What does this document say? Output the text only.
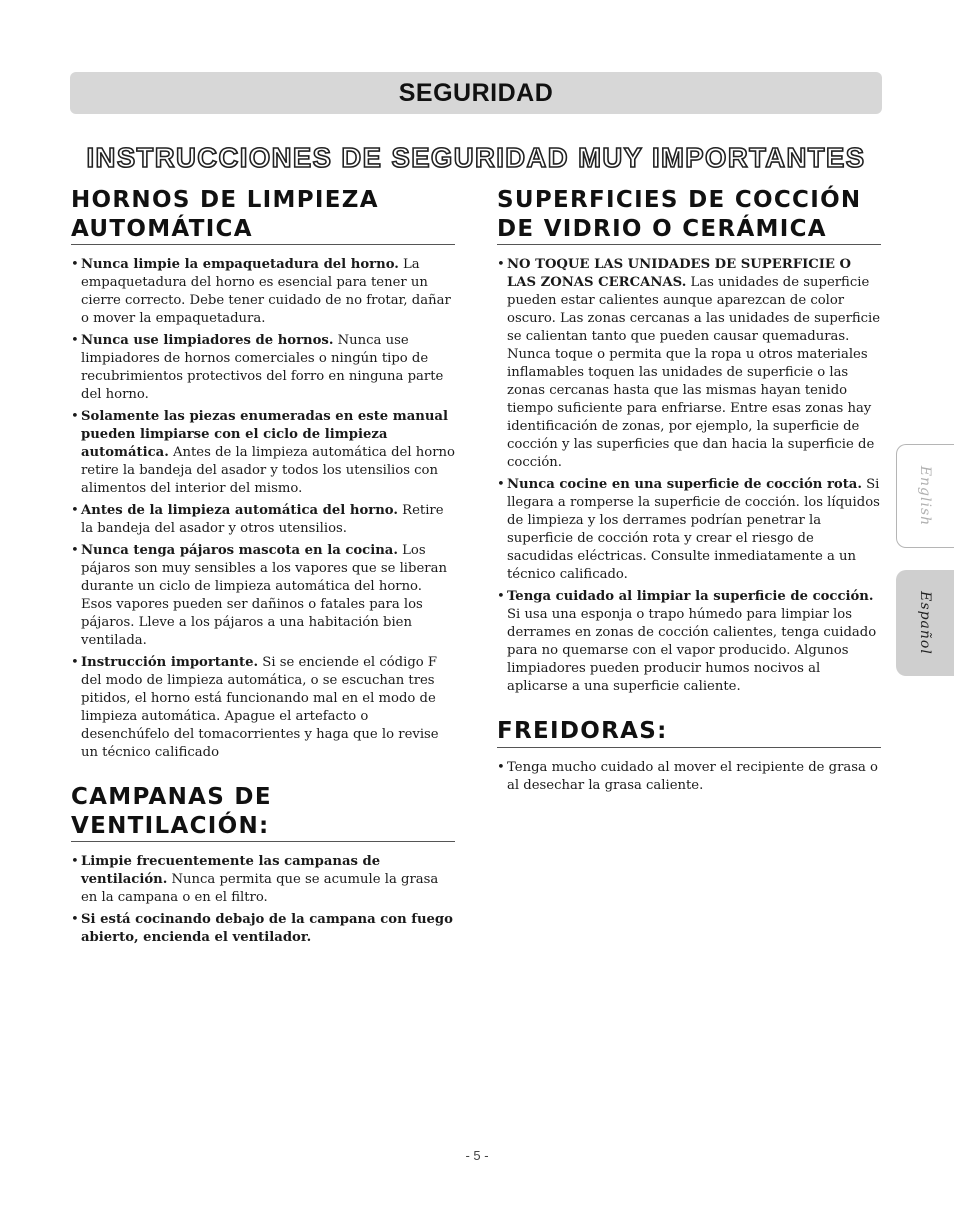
SEGURIDAD
INSTRUCCIONES DE SEGURIDAD MUY IMPORTANTES
HORNOS DE LIMPIEZA AUTOMÁTICA
• Nunca limpie la empaquetadura del horno. La empaquetadura del horno es esencial para tener un cierre correcto. Debe tener cuidado de no frotar, dañar o mover la empaquetadura.
• Nunca use limpiadores de hornos. Nunca use limpiadores de hornos comerciales o ningún tipo de recubrimientos protectivos del forro en ninguna parte del horno.
• Solamente las piezas enumeradas en este manual pueden limpiarse con el ciclo de limpieza automática. Antes de la limpieza automática del horno retire la bandeja del asador y todos los utensilios con alimentos del interior del mismo.
• Antes de la limpieza automática del horno. Retire la bandeja del asador y otros utensilios.
• Nunca tenga pájaros mascota en la cocina. Los pájaros son muy sensibles a los vapores que se liberan durante un ciclo de limpieza automática del horno. Esos vapores pueden ser dañinos o fatales para los pájaros. Lleve a los pájaros a una habitación bien ventilada.
• Instrucción importante. Si se enciende el código F del modo de limpieza automática, o se escuchan tres pitidos, el horno está funcionando mal en el modo de limpieza automática. Apague el artefacto o desenchúfelo del tomacorrientes y haga que lo revise un técnico calificado
CAMPANAS DE VENTILACIÓN:
• Limpie frecuentemente las campanas de ventilación. Nunca permita que se acumule la grasa en la campana o en el filtro.
• Si está cocinando debajo de la campana con fuego abierto, encienda el ventilador.
SUPERFICIES DE COCCIÓN DE VIDRIO O CERÁMICA
• NO TOQUE LAS UNIDADES DE SUPERFICIE O LAS ZONAS CERCANAS. Las unidades de superficie pueden estar calientes aunque aparezcan de color oscuro. Las zonas cercanas a las unidades de superficie se calientan tanto que pueden causar quemaduras. Nunca toque o permita que la ropa u otros materiales inflamables toquen las unidades de superficie o las zonas cercanas hasta que las mismas hayan tenido tiempo suficiente para enfriarse. Entre esas zonas hay identificación de zonas, por ejemplo, la superficie de cocción y las superficies que dan hacia la superficie de cocción.
• Nunca cocine en una superficie de cocción rota. Si llegara a romperse la superficie de cocción. los líquidos de limpieza y los derrames podrían penetrar la superficie de cocción rota y crear el riesgo de sacudidas eléctricas. Consulte inmediatamente a un técnico calificado.
• Tenga cuidado al limpiar la superficie de cocción. Si usa una esponja o trapo húmedo para limpiar los derrames en zonas de cocción calientes, tenga cuidado para no quemarse con el vapor producido. Algunos limpiadores pueden producir humos nocivos al aplicarse a una superficie caliente.
FREIDORAS:
• Tenga mucho cuidado al mover el recipiente de grasa o al desechar la grasa caliente.
English
Español
- 5 -
